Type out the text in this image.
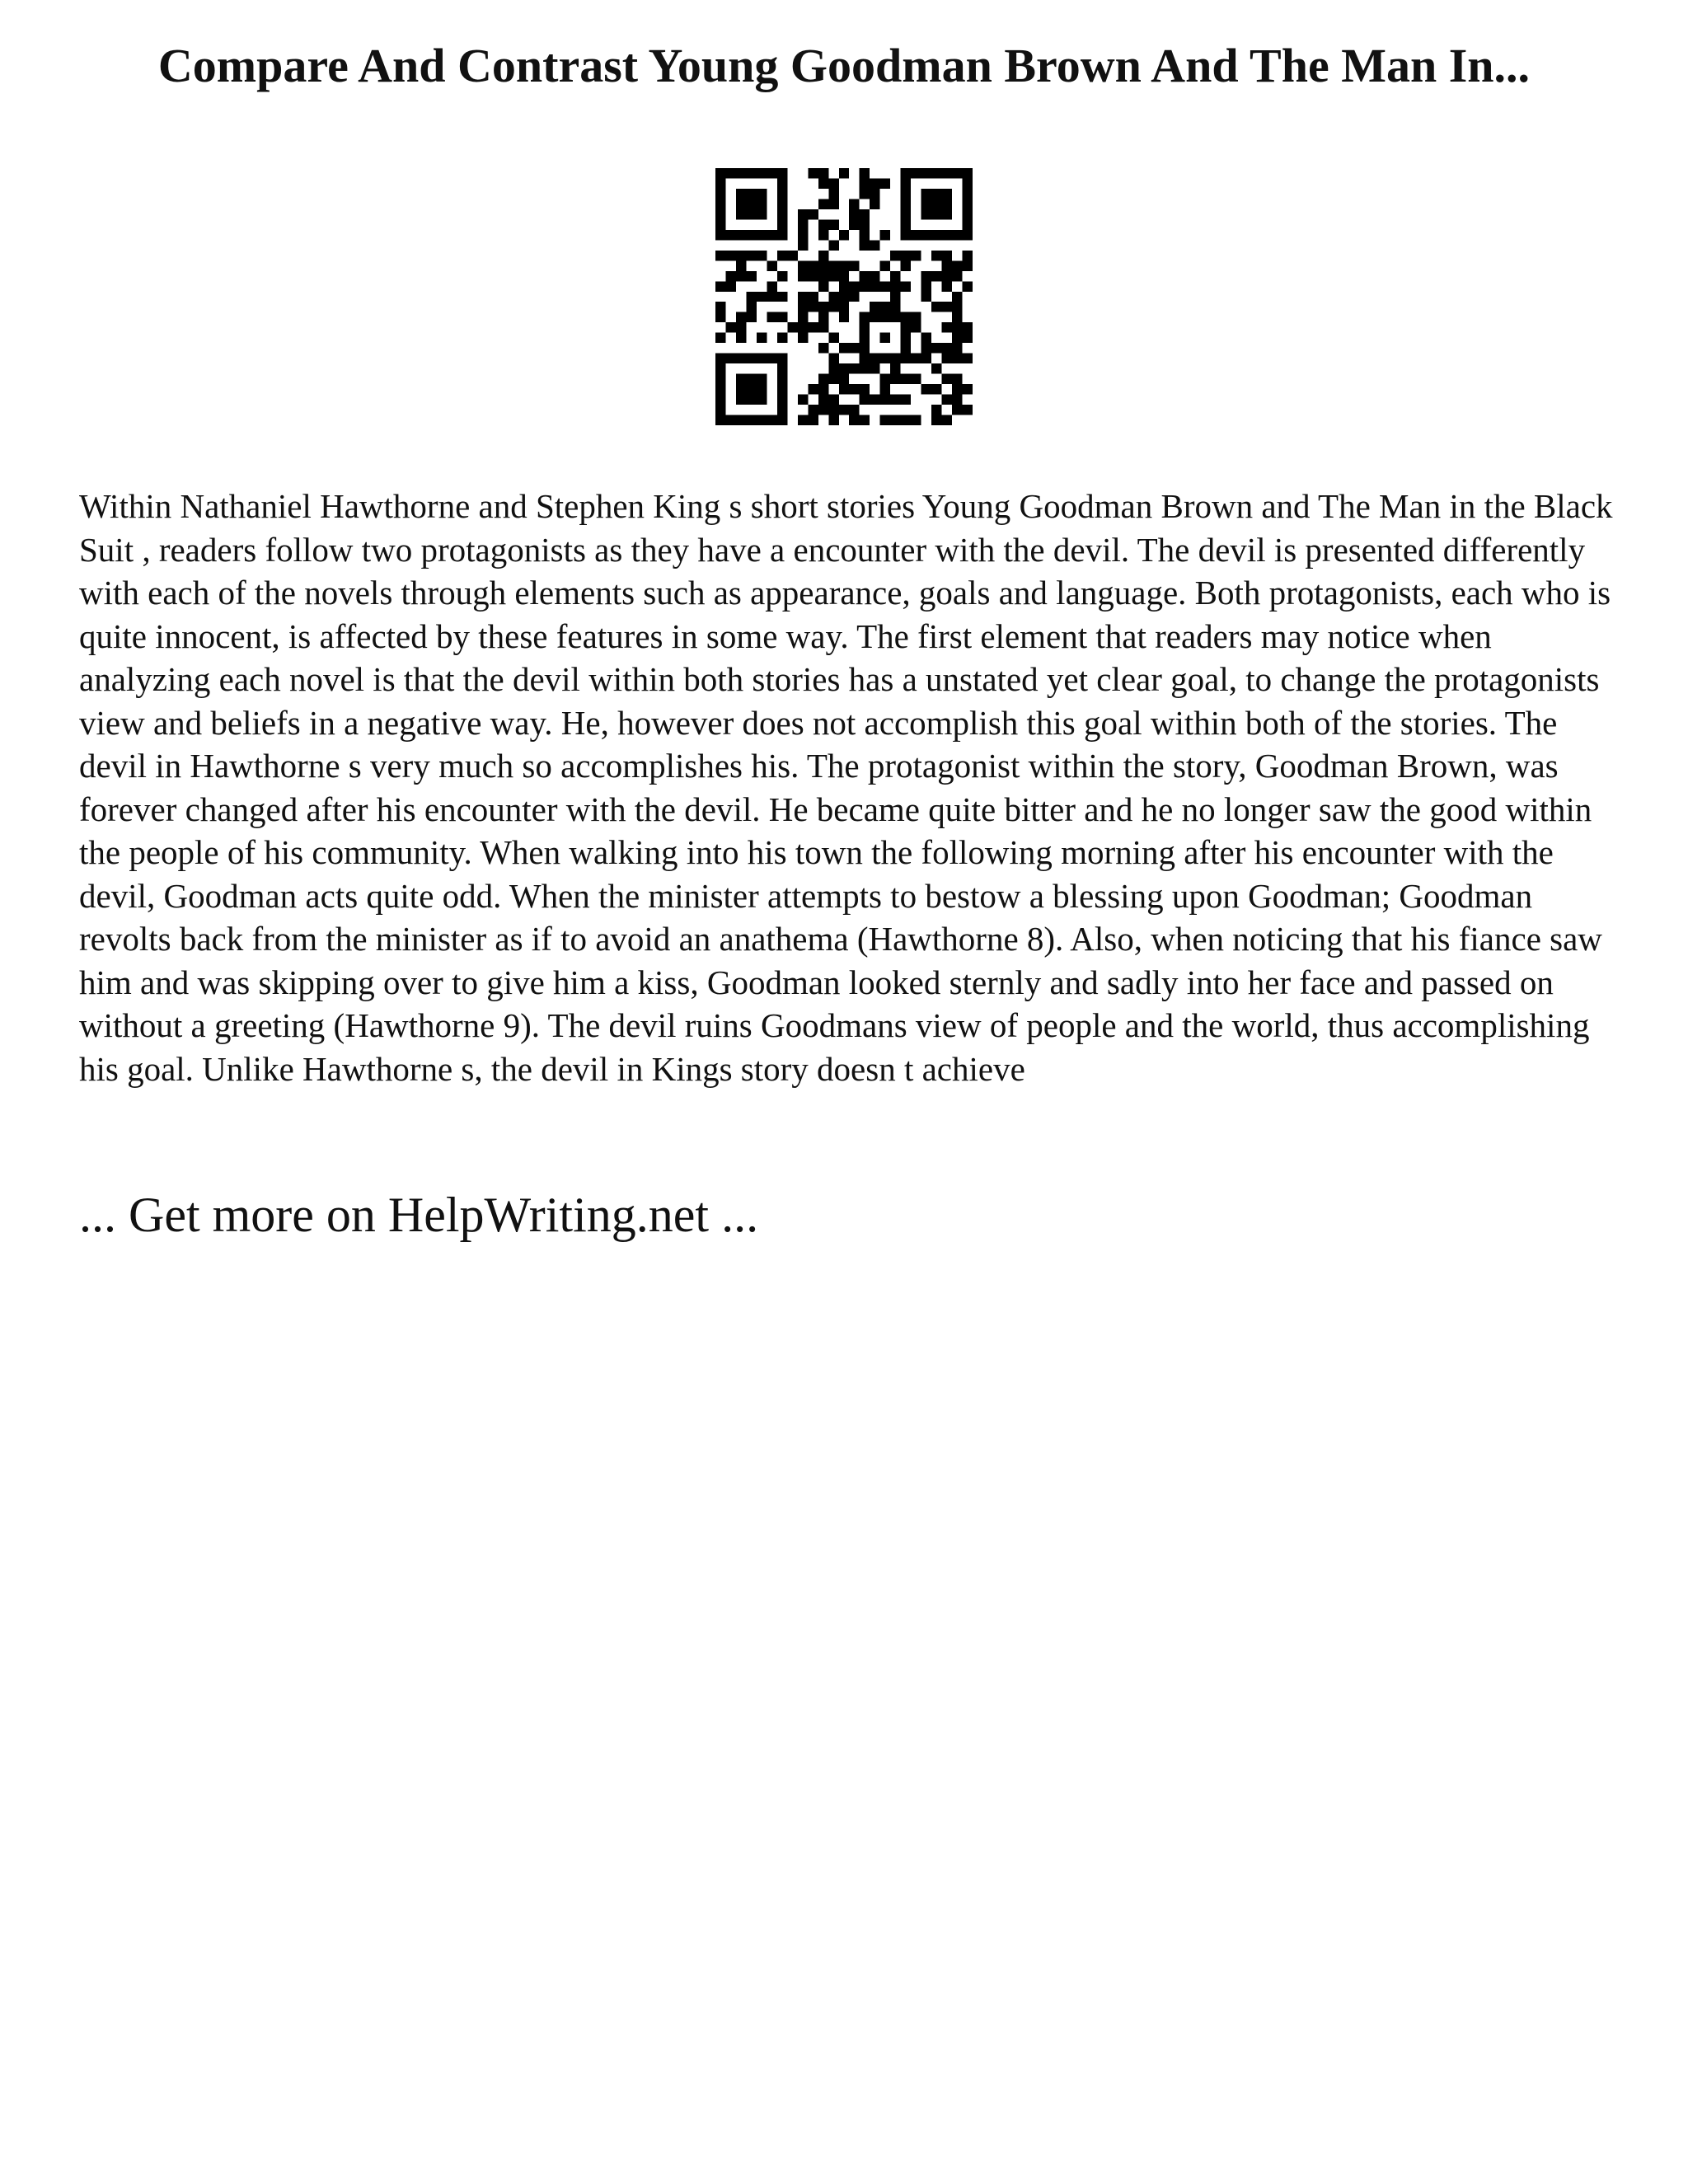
Compare And Contrast Young Goodman Brown And The Man In...

Within Nathaniel Hawthorne and Stephen King s short stories Young Goodman Brown and The Man in the Black Suit , readers follow two protagonists as they have a encounter with the devil. The devil is presented differently with each of the novels through elements such as appearance, goals and language. Both protagonists, each who is quite innocent, is affected by these features in some way. The first element that readers may notice when analyzing each novel is that the devil within both stories has a unstated yet clear goal, to change the protagonists view and beliefs in a negative way. He, however does not accomplish this goal within both of the stories. The devil in Hawthorne s very much so accomplishes his. The protagonist within the story, Goodman Brown, was forever changed after his encounter with the devil. He became quite bitter and he no longer saw the good within the people of his community. When walking into his town the following morning after his encounter with the devil, Goodman acts quite odd. When the minister attempts to bestow a blessing upon Goodman; Goodman revolts back from the minister as if to avoid an anathema (Hawthorne 8). Also, when noticing that his fiance saw him and was skipping over to give him a kiss, Goodman looked sternly and sadly into her face and passed on without a greeting (Hawthorne 9). The devil ruins Goodmans view of people and the world, thus accomplishing his goal. Unlike Hawthorne s, the devil in Kings story doesn t achieve

... Get more on HelpWriting.net ...
